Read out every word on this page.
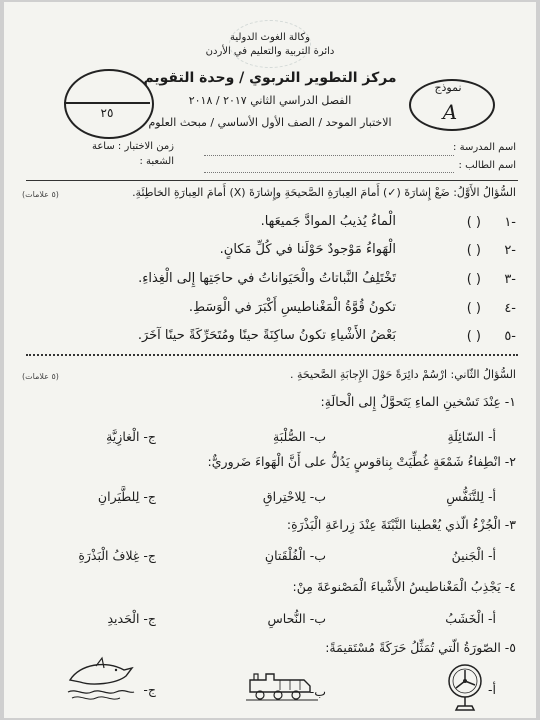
وكالة الغوث الدولية
دائرة التربية والتعليم في الأردن
مركز التطوير التربوي / وحدة التقويم
الفصل الدراسي الثاني ٢٠١٧ / ٢٠١٨
الاختبار الموحد / الصف الأول الأساسي / مبحث العلوم
نموذج
A
٢٥
اسم المدرسة :
اسم الطالب :
زمن الاختبار : ساعة
الشعبة :
السُّؤالُ الأَوَّلُ: ضَعْ إِشارَةَ (✓) أَمامَ العِبارَةِ الصَّحيحَةِ وإِشارَةَ (X) أَمامَ العِبارَةِ الخاطِئَةِ.
(٥ علامات)
-١
( )
الْماءُ يُذيبُ الموادَّ جَميعَها.
-٢
( )
الْهَواءُ مَوْجودٌ حَوْلَنا في كُلِّ مَكانٍ.
-٣
( )
تَخْتَلِفُ النَّباتاتُ والْحَيَواناتُ في حاجَتِها إِلى الْغِذاءِ.
-٤
( )
تكونُ قُوَّةُ الْمَغْناطيسِ أَكْبَرَ في الْوَسَطِ.
-٥
( )
بَعْضُ الأَشْياءِ تكونُ ساكِنَةً حينًا ومُتَحَرِّكَةً حينًا آخَرَ.
السُّؤالُ الثّاني: ارْسُمْ دائِرَةً حَوْلَ الإِجابَةِ الصَّحيحَةِ .
(٥ علامات)
١- عِنْدَ تَسْخينِ الماءِ يَتَحوَّلُ إِلى الْحالَةِ:
أ- السّائِلَةِ
ب- الصُّلْبَةِ
ج- الْغازِيَّةِ
٢- انْطِفاءُ شَمْعَةٍ غُطِّيَتْ بِناقوسٍ يَدُلُّ على أَنَّ الْهَواءَ ضَروريٌّ:
أ- لِلتَّنَفُّسِ
ب- لِلاحْتِراقِ
ج- لِلطَّيَرانِ
٣- الْجُزْءُ الّذي يُعْطينا النَّبْتَةَ عِنْدَ زِراعَةِ الْبَذْرَةِ:
أ- الْجَنينُ
ب- الْفُلْقَتانِ
ج- غِلافُ الْبَذْرَةِ
٤- يَجْذِبُ الْمَغْناطيسُ الأَشْياءَ الْمَصْنوعَةَ مِنْ:
أ- الْخَشَبُ
ب- النُّحاسِ
ج- الْحَديدِ
٥- الصّورَةُ الّتي تُمَثِّلُ حَرَكَةً مُسْتَقيمَةً:
أ-
ب-
ج-
